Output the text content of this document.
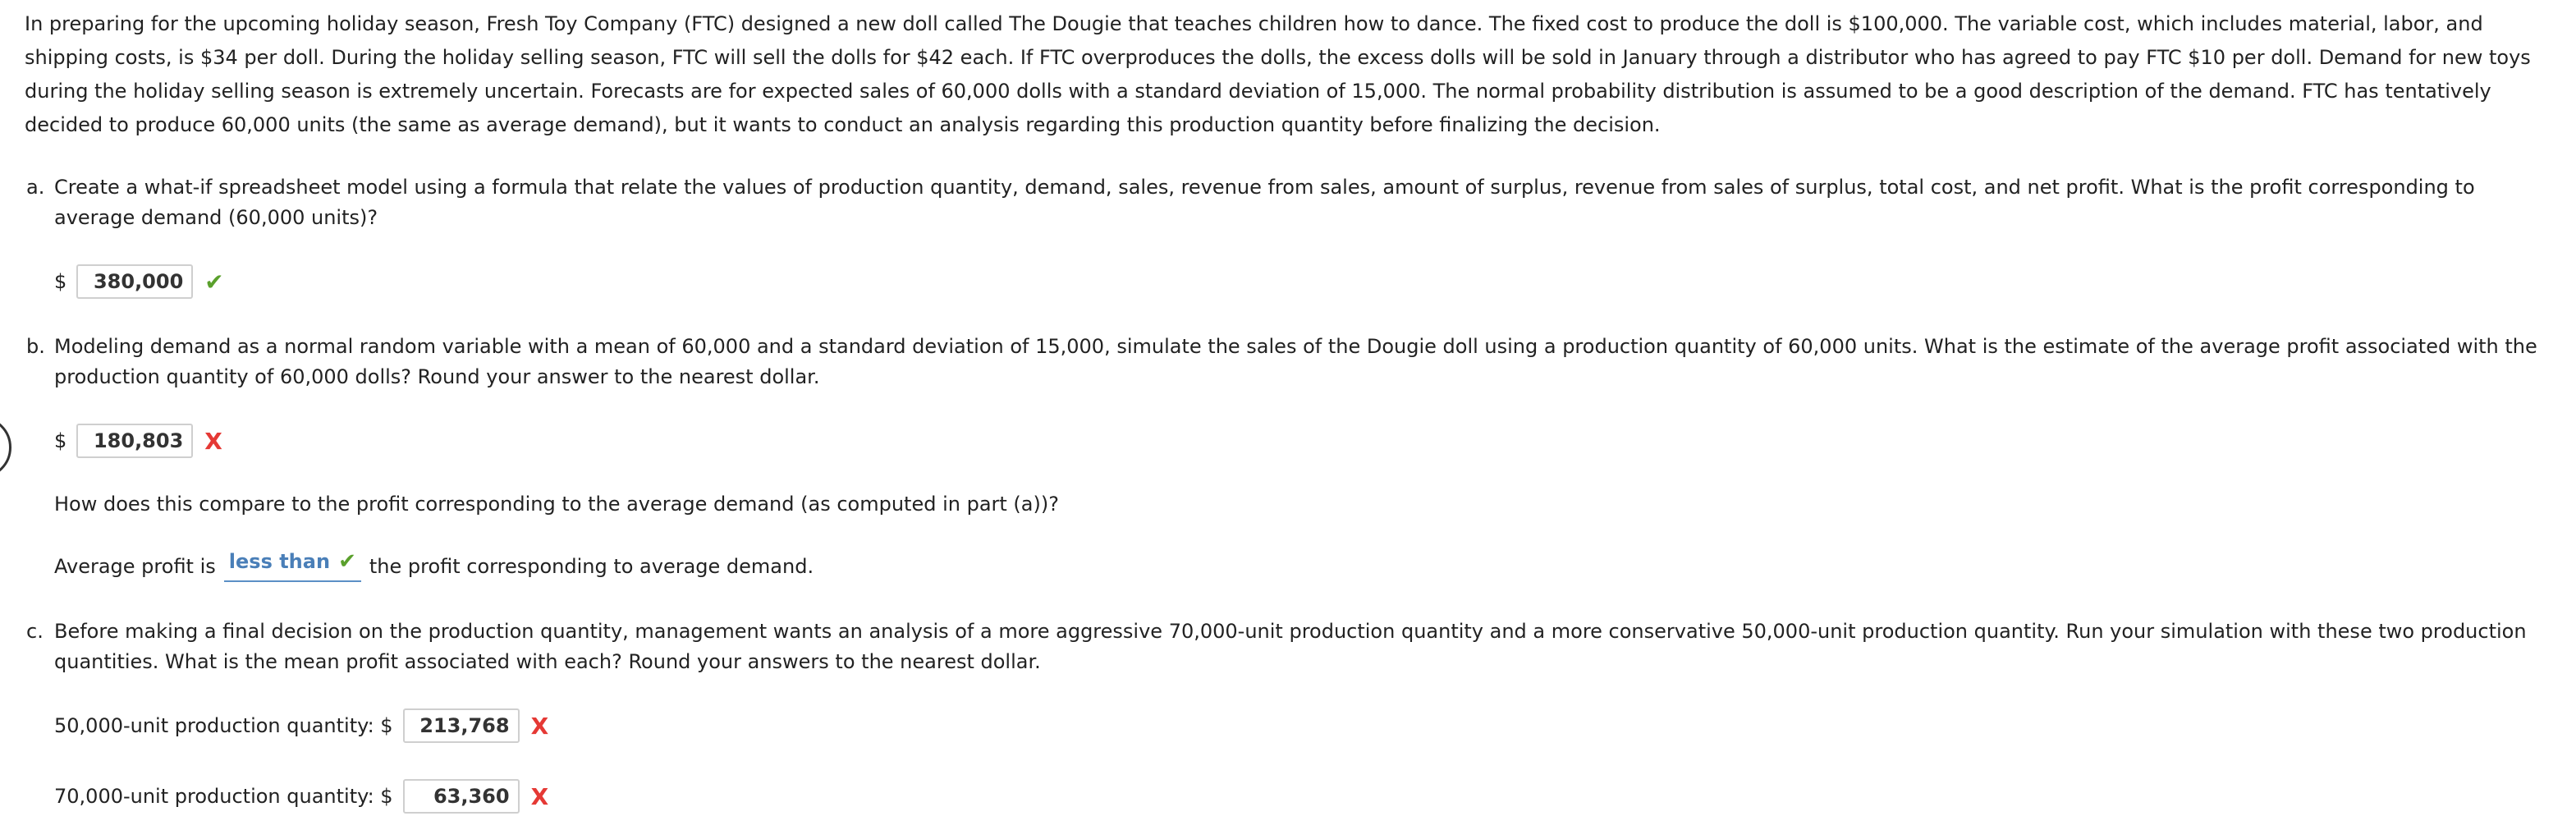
In preparing for the upcoming holiday season, Fresh Toy Company (FTC) designed a new doll called The Dougie that teaches children how to dance. The fixed cost to produce the doll is $100,000. The variable cost, which includes material, labor, and
shipping costs, is $34 per doll. During the holiday selling season, FTC will sell the dolls for $42 each. If FTC overproduces the dolls, the excess dolls will be sold in January through a distributor who has agreed to pay FTC $10 per doll. Demand for new toys
during the holiday selling season is extremely uncertain. Forecasts are for expected sales of 60,000 dolls with a standard deviation of 15,000. The normal probability distribution is assumed to be a good description of the demand. FTC has tentatively
decided to produce 60,000 units (the same as average demand), but it wants to conduct an analysis regarding this production quantity before finalizing the decision.
a. Create a what-if spreadsheet model using a formula that relate the values of production quantity, demand, sales, revenue from sales, amount of surplus, revenue from sales of surplus, total cost, and net profit. What is the profit corresponding to average demand (60,000 units)?
$ 380,000 ✔
b. Modeling demand as a normal random variable with a mean of 60,000 and a standard deviation of 15,000, simulate the sales of the Dougie doll using a production quantity of 60,000 units. What is the estimate of the average profit associated with the production quantity of 60,000 dolls? Round your answer to the nearest dollar.
$ 180,803 X
How does this compare to the profit corresponding to the average demand (as computed in part (a))?
Average profit is less than ✔ the profit corresponding to average demand.
c. Before making a final decision on the production quantity, management wants an analysis of a more aggressive 70,000-unit production quantity and a more conservative 50,000-unit production quantity. Run your simulation with these two production quantities. What is the mean profit associated with each? Round your answers to the nearest dollar.
50,000-unit production quantity: $ 213,768 X
70,000-unit production quantity: $ 63,360 X
